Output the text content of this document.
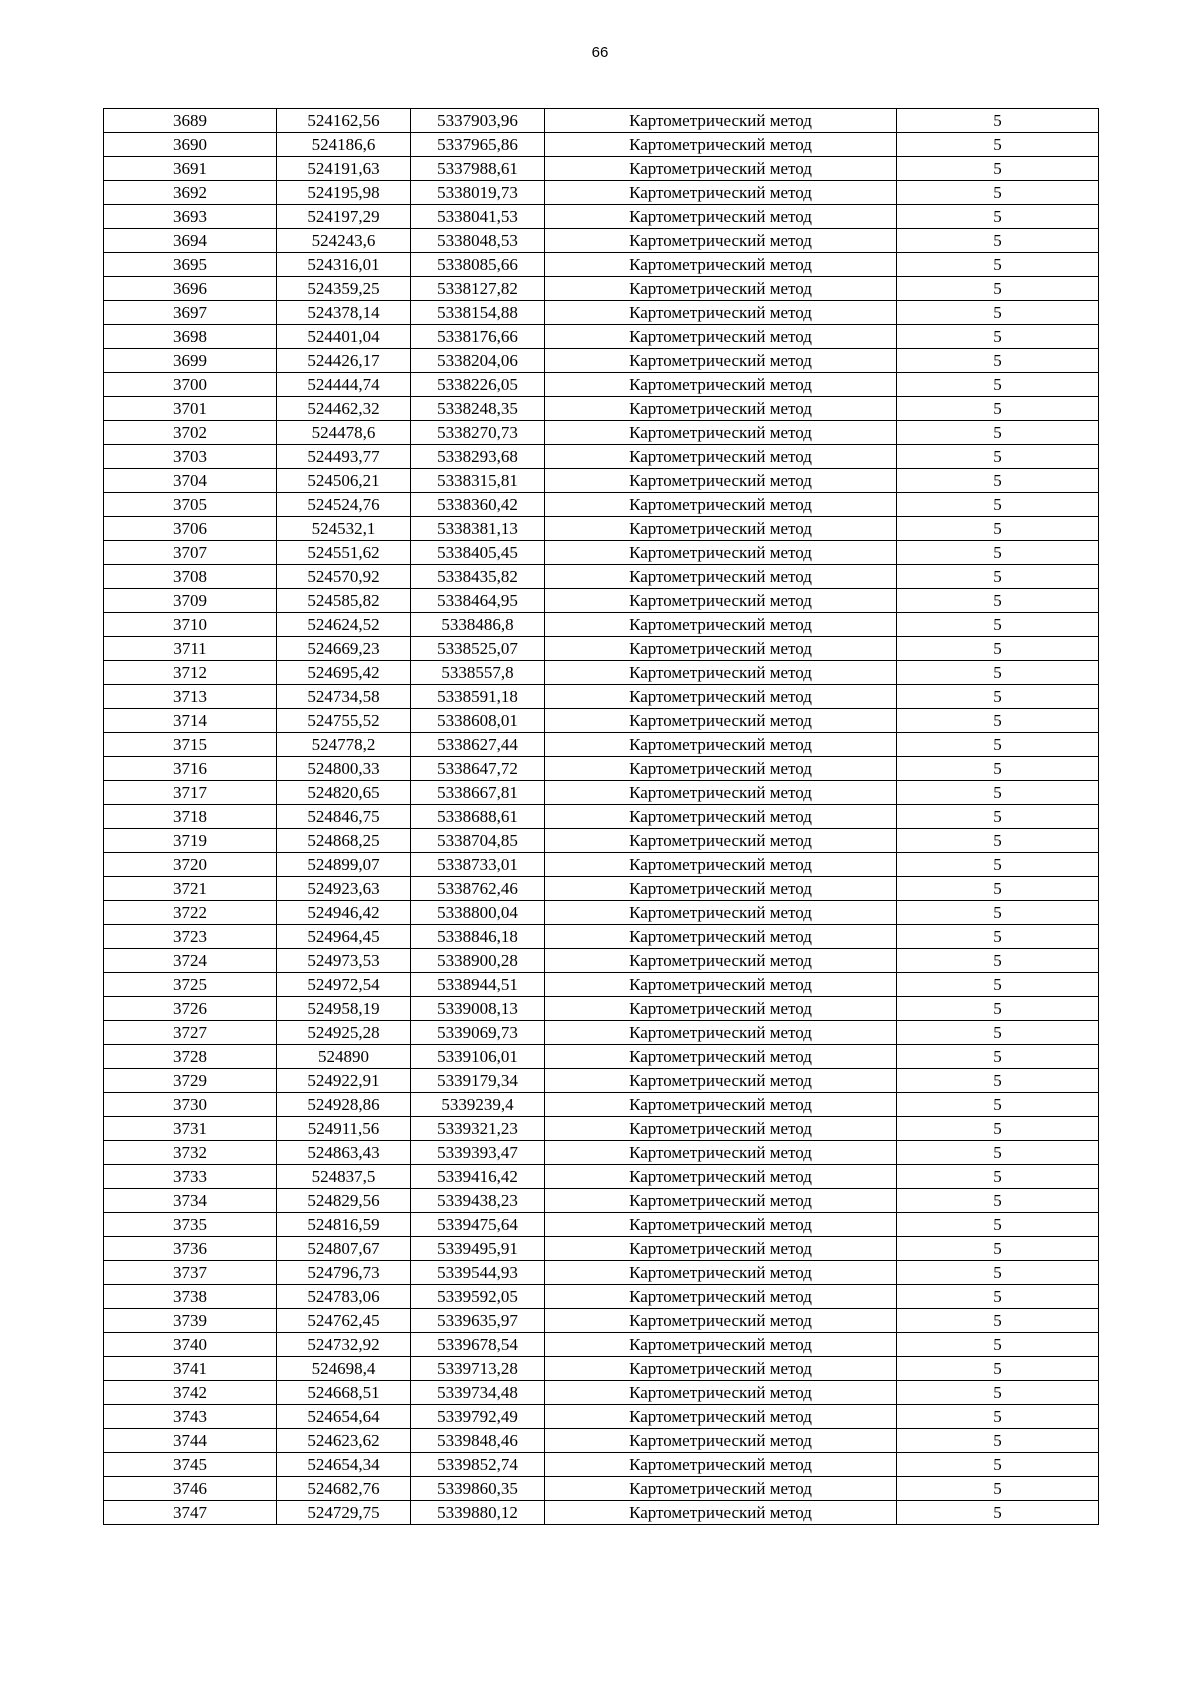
66
3689	524162,56	5337903,96	Картометрический метод	5
3690	524186,6	5337965,86	Картометрический метод	5
3691	524191,63	5337988,61	Картометрический метод	5
3692	524195,98	5338019,73	Картометрический метод	5
3693	524197,29	5338041,53	Картометрический метод	5
3694	524243,6	5338048,53	Картометрический метод	5
3695	524316,01	5338085,66	Картометрический метод	5
3696	524359,25	5338127,82	Картометрический метод	5
3697	524378,14	5338154,88	Картометрический метод	5
3698	524401,04	5338176,66	Картометрический метод	5
3699	524426,17	5338204,06	Картометрический метод	5
3700	524444,74	5338226,05	Картометрический метод	5
3701	524462,32	5338248,35	Картометрический метод	5
3702	524478,6	5338270,73	Картометрический метод	5
3703	524493,77	5338293,68	Картометрический метод	5
3704	524506,21	5338315,81	Картометрический метод	5
3705	524524,76	5338360,42	Картометрический метод	5
3706	524532,1	5338381,13	Картометрический метод	5
3707	524551,62	5338405,45	Картометрический метод	5
3708	524570,92	5338435,82	Картометрический метод	5
3709	524585,82	5338464,95	Картометрический метод	5
3710	524624,52	5338486,8	Картометрический метод	5
3711	524669,23	5338525,07	Картометрический метод	5
3712	524695,42	5338557,8	Картометрический метод	5
3713	524734,58	5338591,18	Картометрический метод	5
3714	524755,52	5338608,01	Картометрический метод	5
3715	524778,2	5338627,44	Картометрический метод	5
3716	524800,33	5338647,72	Картометрический метод	5
3717	524820,65	5338667,81	Картометрический метод	5
3718	524846,75	5338688,61	Картометрический метод	5
3719	524868,25	5338704,85	Картометрический метод	5
3720	524899,07	5338733,01	Картометрический метод	5
3721	524923,63	5338762,46	Картометрический метод	5
3722	524946,42	5338800,04	Картометрический метод	5
3723	524964,45	5338846,18	Картометрический метод	5
3724	524973,53	5338900,28	Картометрический метод	5
3725	524972,54	5338944,51	Картометрический метод	5
3726	524958,19	5339008,13	Картометрический метод	5
3727	524925,28	5339069,73	Картометрический метод	5
3728	524890	5339106,01	Картометрический метод	5
3729	524922,91	5339179,34	Картометрический метод	5
3730	524928,86	5339239,4	Картометрический метод	5
3731	524911,56	5339321,23	Картометрический метод	5
3732	524863,43	5339393,47	Картометрический метод	5
3733	524837,5	5339416,42	Картометрический метод	5
3734	524829,56	5339438,23	Картометрический метод	5
3735	524816,59	5339475,64	Картометрический метод	5
3736	524807,67	5339495,91	Картометрический метод	5
3737	524796,73	5339544,93	Картометрический метод	5
3738	524783,06	5339592,05	Картометрический метод	5
3739	524762,45	5339635,97	Картометрический метод	5
3740	524732,92	5339678,54	Картометрический метод	5
3741	524698,4	5339713,28	Картометрический метод	5
3742	524668,51	5339734,48	Картометрический метод	5
3743	524654,64	5339792,49	Картометрический метод	5
3744	524623,62	5339848,46	Картометрический метод	5
3745	524654,34	5339852,74	Картометрический метод	5
3746	524682,76	5339860,35	Картометрический метод	5
3747	524729,75	5339880,12	Картометрический метод	5
